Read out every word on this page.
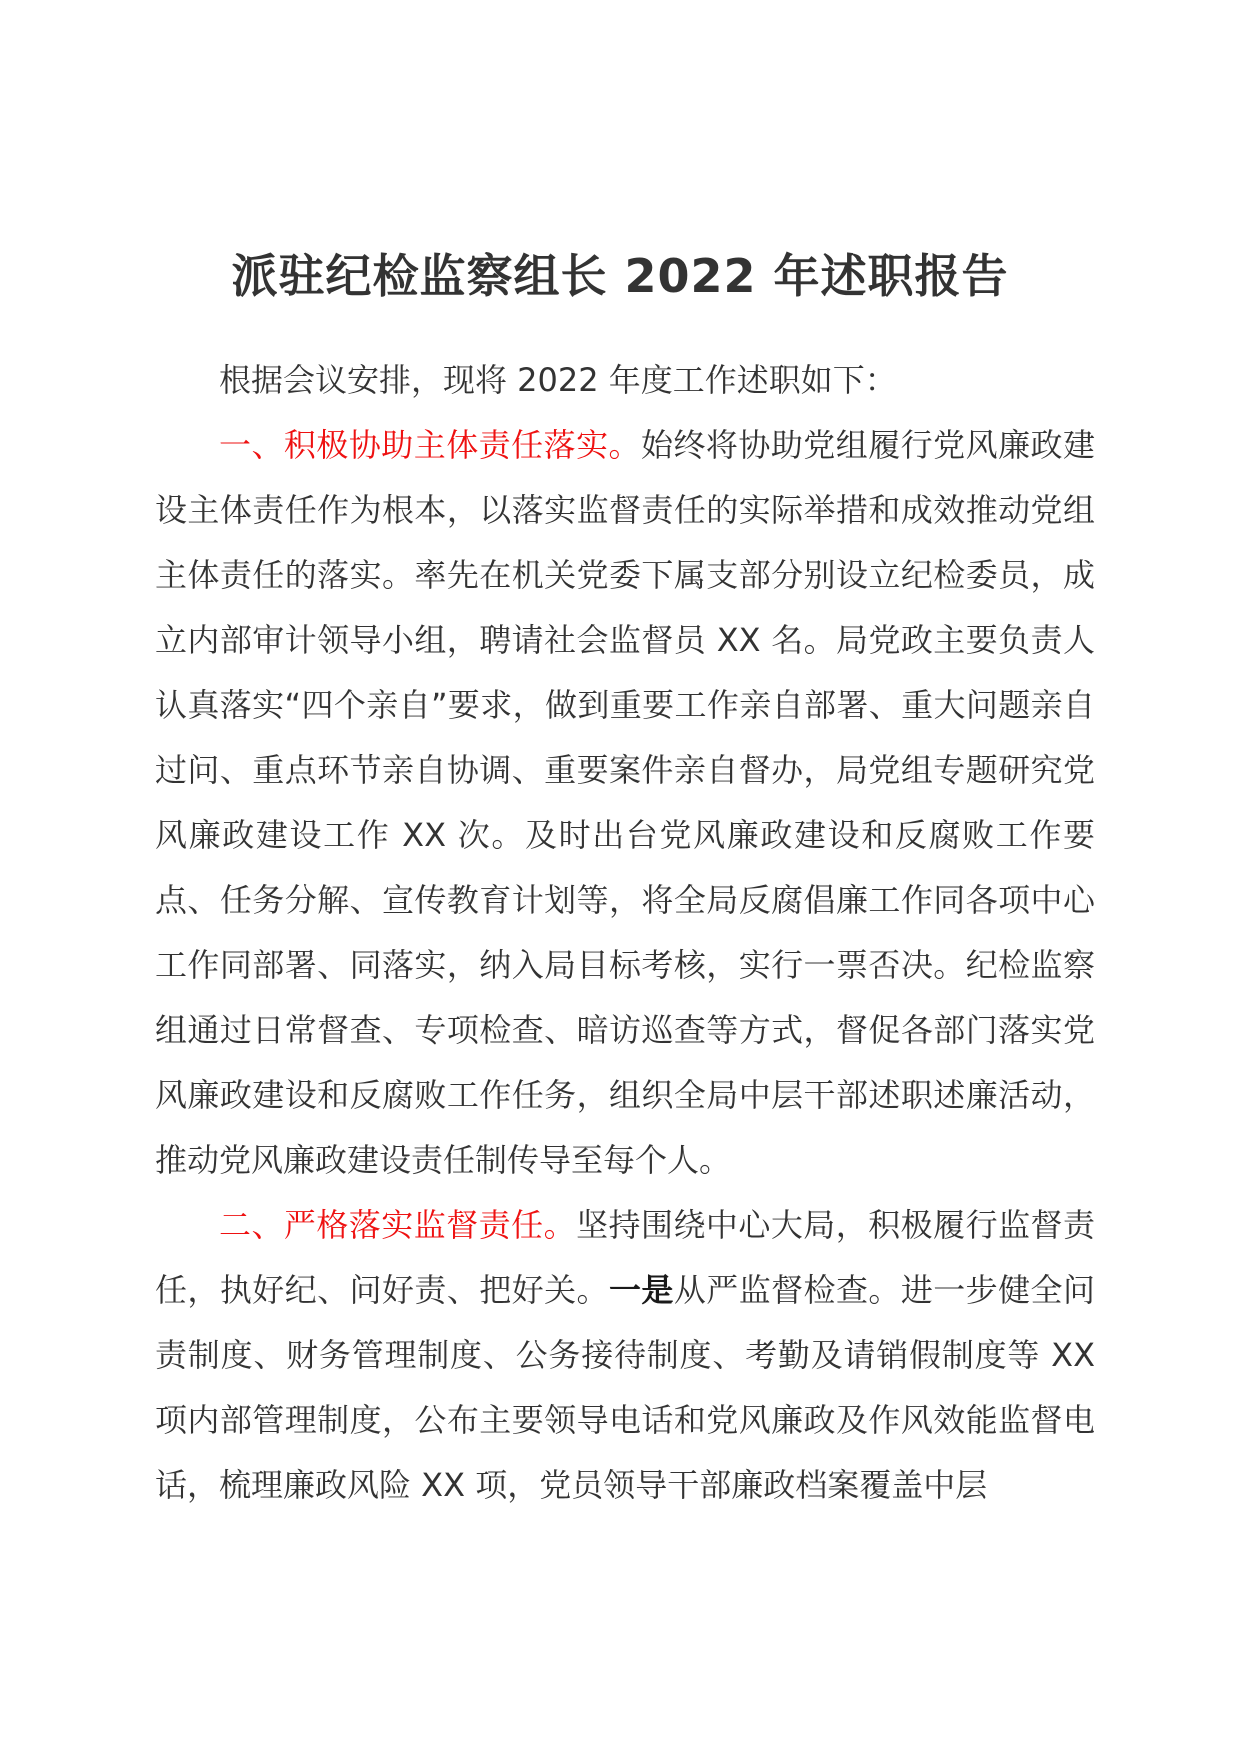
派驻纪检监察组长 2022 年述职报告

根据会议安排，现将 2022 年度工作述职如下：

一、积极协助主体责任落实。始终将协助党组履行党风廉政建设主体责任作为根本，以落实监督责任的实际举措和成效推动党组主体责任的落实。率先在机关党委下属支部分别设立纪检委员，成立内部审计领导小组，聘请社会监督员 XX 名。局党政主要负责人认真落实“四个亲自”要求，做到重要工作亲自部署、重大问题亲自过问、重点环节亲自协调、重要案件亲自督办，局党组专题研究党风廉政建设工作 XX 次。及时出台党风廉政建设和反腐败工作要点、任务分解、宣传教育计划等，将全局反腐倡廉工作同各项中心工作同部署、同落实，纳入局目标考核，实行一票否决。纪检监察组通过日常督查、专项检查、暗访巡查等方式，督促各部门落实党风廉政建设和反腐败工作任务，组织全局中层干部述职述廉活动，推动党风廉政建设责任制传导至每个人。

二、严格落实监督责任。坚持围绕中心大局，积极履行监督责任，执好纪、问好责、把好关。一是从严监督检查。进一步健全问责制度、财务管理制度、公务接待制度、考勤及请销假制度等 XX 项内部管理制度，公布主要领导电话和党风廉政及作风效能监督电话，梳理廉政风险 XX 项，党员领导干部廉政档案覆盖中层
